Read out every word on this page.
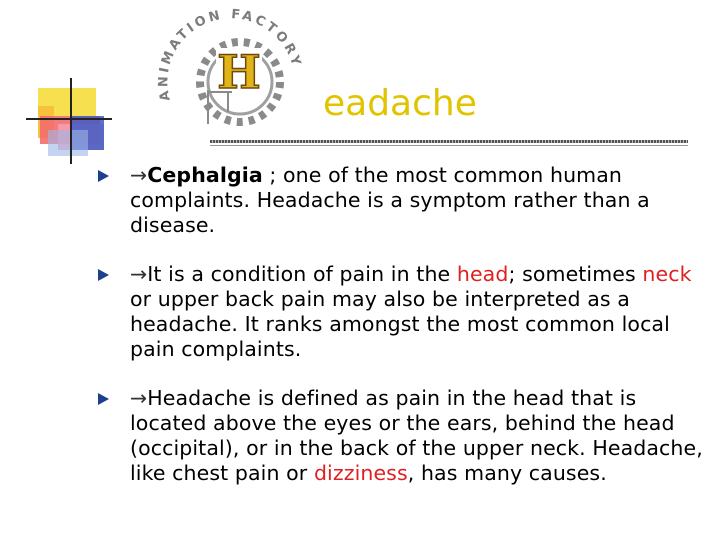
ANIMATION FACTORY
H
eadache
→Cephalgia ; one of the most common human complaints. Headache is a symptom rather than a disease.
→It is a condition of pain in the head; sometimes neck or upper back pain may also be interpreted as a headache. It ranks amongst the most common local pain complaints.
→Headache is defined as pain in the head that is located above the eyes or the ears, behind the head (occipital), or in the back of the upper neck. Headache, like chest pain or dizziness, has many causes.
